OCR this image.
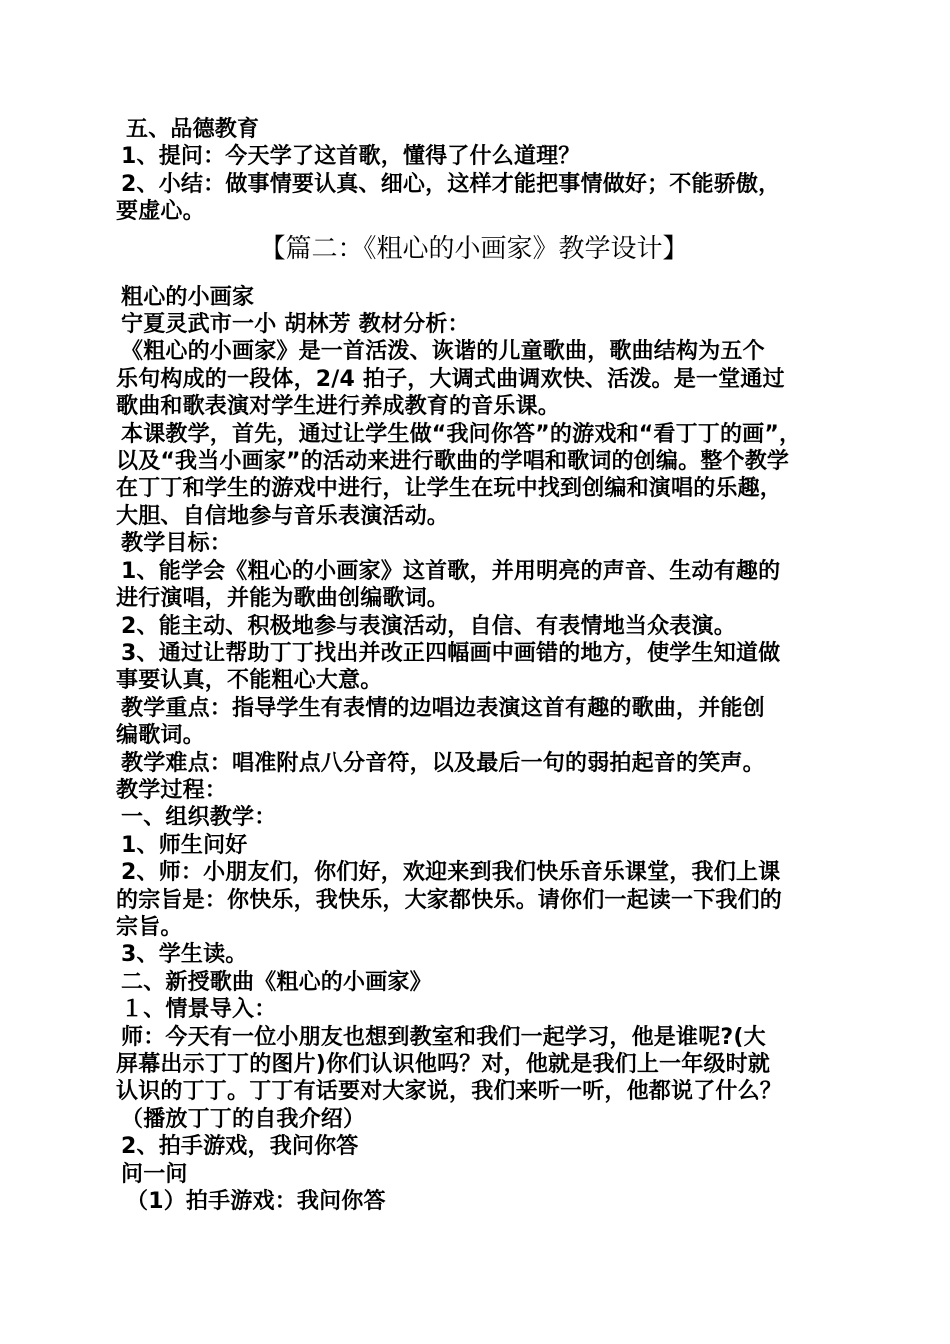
五、品德教育

1、提问：今天学了这首歌，懂得了什么道理？

2、小结：做事情要认真、细心，这样才能把事情做好；不能骄傲，

要虚心。

【篇二：《粗心的小画家》教学设计】

粗心的小画家

宁夏灵武市一小 胡林芳 教材分析：

《粗心的小画家》是一首活泼、诙谐的儿童歌曲，歌曲结构为五个

乐句构成的一段体，2/4 拍子，大调式曲调欢快、活泼。是一堂通过

歌曲和歌表演对学生进行养成教育的音乐课。

本课教学，首先，通过让学生做“我问你答”的游戏和“看丁丁的画”，

以及“我当小画家”的活动来进行歌曲的学唱和歌词的创编。整个教学

在丁丁和学生的游戏中进行，让学生在玩中找到创编和演唱的乐趣，

大胆、自信地参与音乐表演活动。

教学目标：

1、能学会《粗心的小画家》这首歌，并用明亮的声音、生动有趣的

进行演唱，并能为歌曲创编歌词。

2、能主动、积极地参与表演活动，自信、有表情地当众表演。

3、通过让帮助丁丁找出并改正四幅画中画错的地方，使学生知道做

事要认真，不能粗心大意。

教学重点：指导学生有表情的边唱边表演这首有趣的歌曲，并能创

编歌词。

教学难点：唱准附点八分音符，以及最后一句的弱拍起音的笑声。

教学过程：

一、组织教学：

1、师生问好

2、师：小朋友们，你们好，欢迎来到我们快乐音乐课堂，我们上课

的宗旨是：你快乐，我快乐，大家都快乐。请你们一起读一下我们的

宗旨。

3、学生读。

二、新授歌曲《粗心的小画家》

１、情景导入：

师：今天有一位小朋友也想到教室和我们一起学习，他是谁呢?(大

屏幕出示丁丁的图片)你们认识他吗？对，他就是我们上一年级时就

认识的丁丁。丁丁有话要对大家说，我们来听一听，他都说了什么？

（播放丁丁的自我介绍）

2、拍手游戏，我问你答

问一问

（1）拍手游戏：我问你答
